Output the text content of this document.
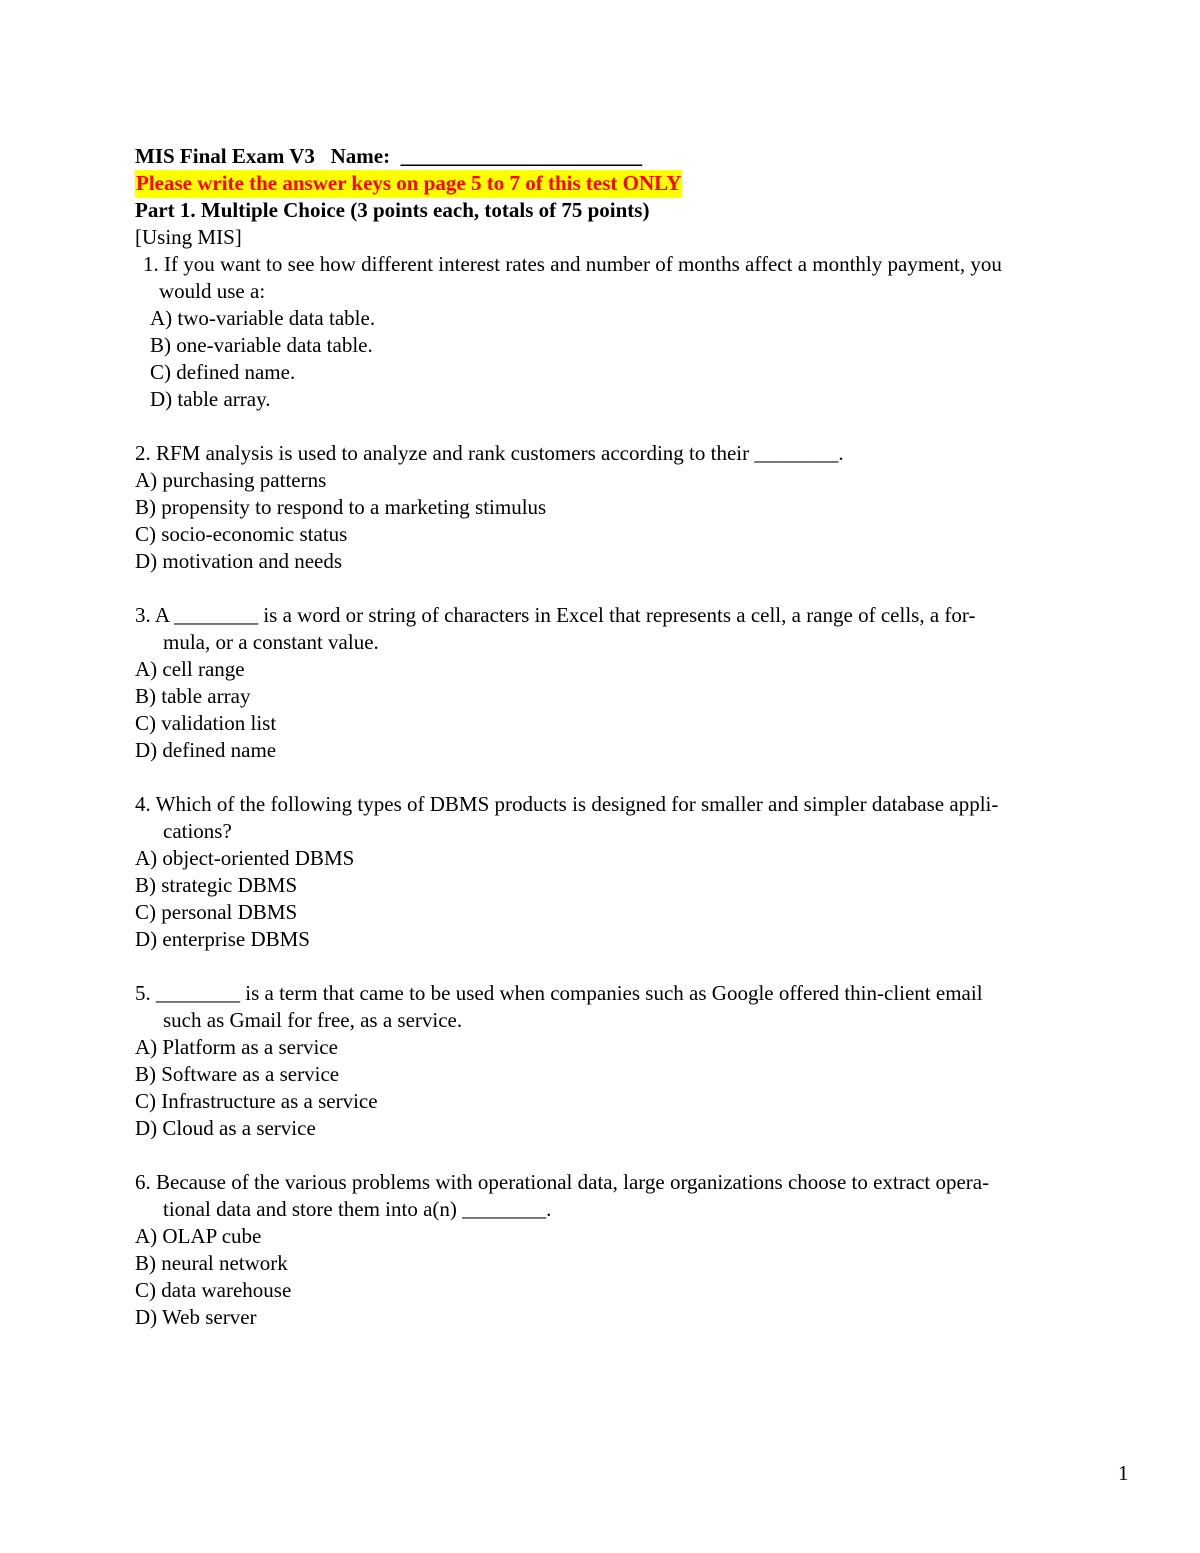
MIS Final Exam V3 Name: _______________________

Please write the answer keys on page 5 to 7 of this test ONLY

Part 1. Multiple Choice (3 points each, totals of 75 points)

[Using MIS]

1. If you want to see how different interest rates and number of months affect a monthly payment, you

would use a:

A) two-variable data table.
B) one-variable data table.
C) defined name.
D) table array.

2. RFM analysis is used to analyze and rank customers according to their ________.

A) purchasing patterns
B) propensity to respond to a marketing stimulus
C) socio-economic status
D) motivation and needs

3. A ________ is a word or string of characters in Excel that represents a cell, a range of cells, a for-

mula, or a constant value.

A) cell range
B) table array
C) validation list
D) defined name

4. Which of the following types of DBMS products is designed for smaller and simpler database appli-

cations?

A) object-oriented DBMS
B) strategic DBMS
C) personal DBMS
D) enterprise DBMS

5. ________ is a term that came to be used when companies such as Google offered thin-client email

such as Gmail for free, as a service.

A) Platform as a service
B) Software as a service
C) Infrastructure as a service
D) Cloud as a service

6. Because of the various problems with operational data, large organizations choose to extract opera-

tional data and store them into a(n) ________.

A) OLAP cube
B) neural network
C) data warehouse
D) Web server
1
